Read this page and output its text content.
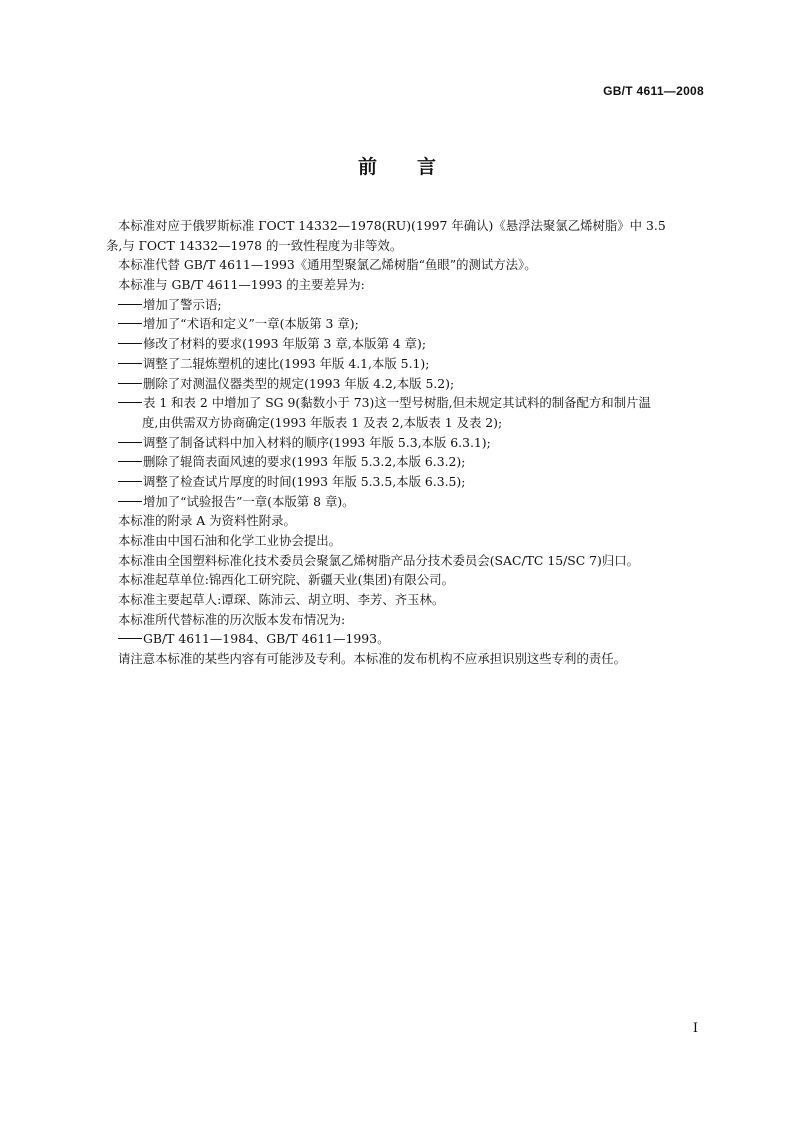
GB/T 4611—2008
前言
本标准对应于俄罗斯标准 ГОСТ 14332—1978(RU)(1997 年确认)《悬浮法聚氯乙烯树脂》中 3.5
条,与 ГОСТ 14332—1978 的一致性程度为非等效。
本标准代替 GB/T 4611—1993《通用型聚氯乙烯树脂“鱼眼”的测试方法》。
本标准与 GB/T 4611—1993 的主要差异为:
增加了警示语;
增加了“术语和定义”一章(本版第 3 章);
修改了材料的要求(1993 年版第 3 章,本版第 4 章);
调整了二辊炼塑机的速比(1993 年版 4.1,本版 5.1);
删除了对测温仪器类型的规定(1993 年版 4.2,本版 5.2);
表 1 和表 2 中增加了 SG 9(黏数小于 73)这一型号树脂,但未规定其试料的制备配方和制片温
度,由供需双方协商确定(1993 年版表 1 及表 2,本版表 1 及表 2);
调整了制备试料中加入材料的顺序(1993 年版 5.3,本版 6.3.1);
删除了辊筒表面风速的要求(1993 年版 5.3.2,本版 6.3.2);
调整了检查试片厚度的时间(1993 年版 5.3.5,本版 6.3.5);
增加了“试验报告”一章(本版第 8 章)。
本标准的附录 A 为资料性附录。
本标准由中国石油和化学工业协会提出。
本标准由全国塑料标准化技术委员会聚氯乙烯树脂产品分技术委员会(SAC/TC 15/SC 7)归口。
本标准起草单位:锦西化工研究院、新疆天业(集团)有限公司。
本标准主要起草人:谭琛、陈沛云、胡立明、李芳、齐玉林。
本标准所代替标准的历次版本发布情况为:
GB/T 4611—1984、GB/T 4611—1993。
请注意本标准的某些内容有可能涉及专利。本标准的发布机构不应承担识别这些专利的责任。
I
